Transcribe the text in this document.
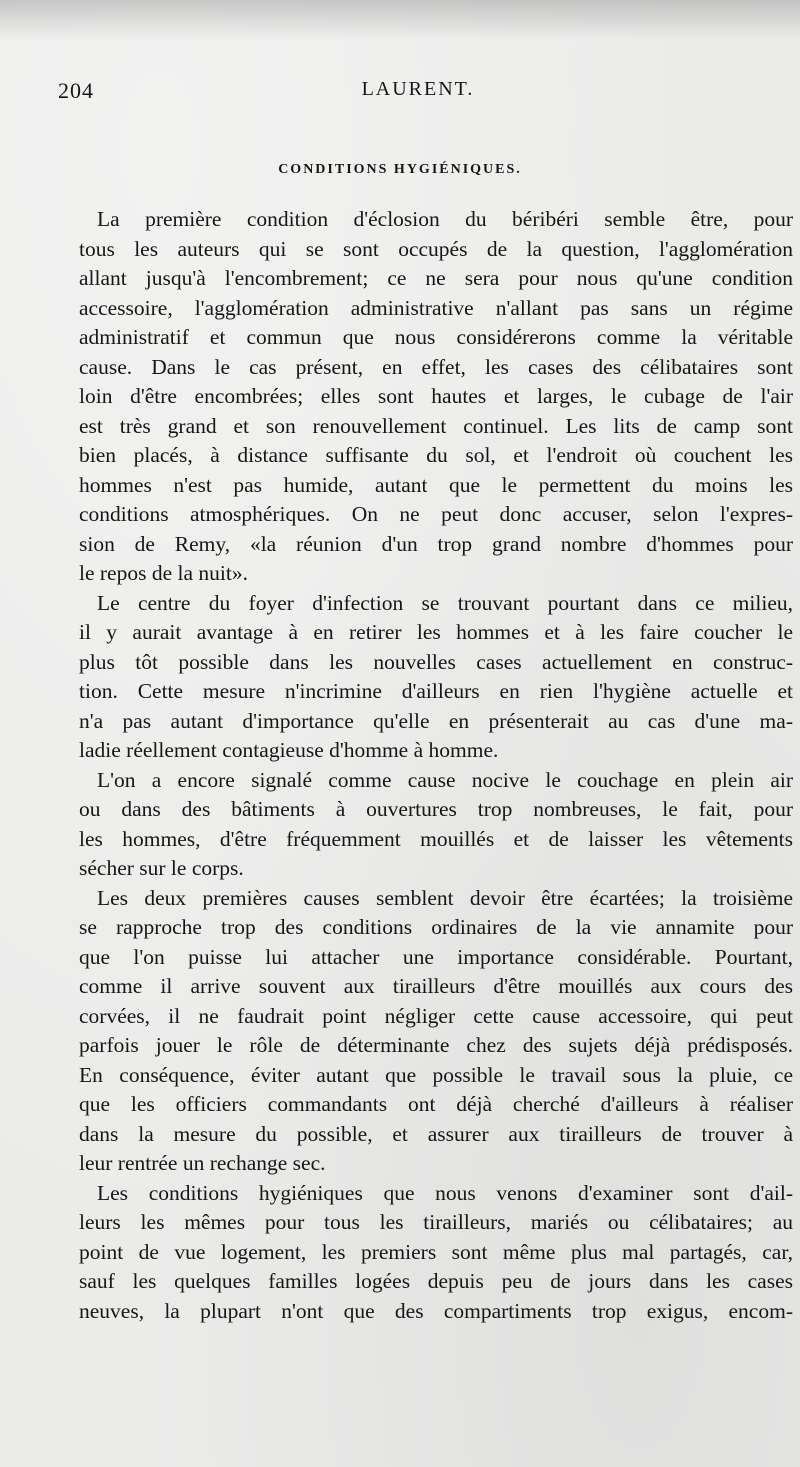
204	LAURENT.
CONDITIONS HYGIÉNIQUES.
La première condition d'éclosion du béribéri semble être, pour
tous les auteurs qui se sont occupés de la question, l'agglomération
allant jusqu'à l'encombrement; ce ne sera pour nous qu'une condition
accessoire, l'agglomération administrative n'allant pas sans un régime
administratif et commun que nous considérerons comme la véritable
cause. Dans le cas présent, en effet, les cases des célibataires sont
loin d'être encombrées; elles sont hautes et larges, le cubage de l'air
est très grand et son renouvellement continuel. Les lits de camp sont
bien placés, à distance suffisante du sol, et l'endroit où couchent les
hommes n'est pas humide, autant que le permettent du moins les
conditions atmosphériques. On ne peut donc accuser, selon l'expres-
sion de Remy, «la réunion d'un trop grand nombre d'hommes pour
le repos de la nuit».
Le centre du foyer d'infection se trouvant pourtant dans ce milieu,
il y aurait avantage à en retirer les hommes et à les faire coucher le
plus tôt possible dans les nouvelles cases actuellement en construc-
tion. Cette mesure n'incrimine d'ailleurs en rien l'hygiène actuelle et
n'a pas autant d'importance qu'elle en présenterait au cas d'une ma-
ladie réellement contagieuse d'homme à homme.
L'on a encore signalé comme cause nocive le couchage en plein air
ou dans des bâtiments à ouvertures trop nombreuses, le fait, pour
les hommes, d'être fréquemment mouillés et de laisser les vêtements
sécher sur le corps.
Les deux premières causes semblent devoir être écartées; la troisième
se rapproche trop des conditions ordinaires de la vie annamite pour
que l'on puisse lui attacher une importance considérable. Pourtant,
comme il arrive souvent aux tirailleurs d'être mouillés aux cours des
corvées, il ne faudrait point négliger cette cause accessoire, qui peut
parfois jouer le rôle de déterminante chez des sujets déjà prédisposés.
En conséquence, éviter autant que possible le travail sous la pluie, ce
que les officiers commandants ont déjà cherché d'ailleurs à réaliser
dans la mesure du possible, et assurer aux tirailleurs de trouver à
leur rentrée un rechange sec.
Les conditions hygiéniques que nous venons d'examiner sont d'ail-
leurs les mêmes pour tous les tirailleurs, mariés ou célibataires; au
point de vue logement, les premiers sont même plus mal partagés, car,
sauf les quelques familles logées depuis peu de jours dans les cases
neuves, la plupart n'ont que des compartiments trop exigus, encom-
